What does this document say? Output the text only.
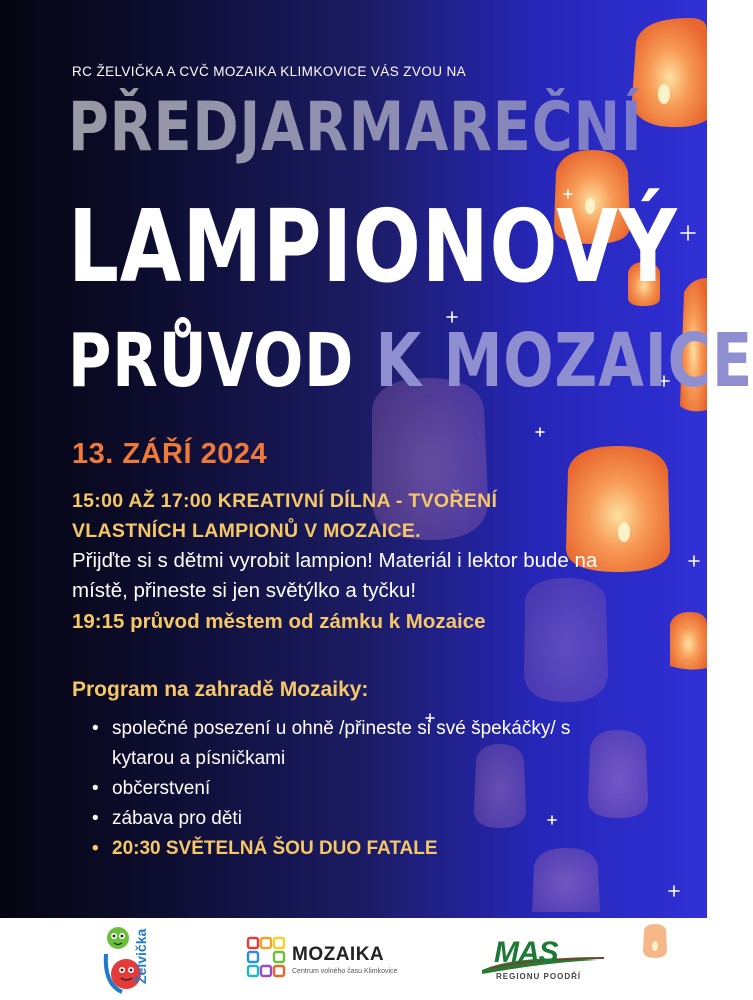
RC ŽELVIČKA A CVČ MOZAIKA KLIMKOVICE VÁS ZVOU NA
PŘEDJARMAREČNÍ
LAMPIONOVÝ
PRŮVOD K MOZAICE
13. ZÁŘÍ 2024
15:00 AŽ 17:00 KREATIVNÍ DÍLNA - TVOŘENÍ VLASTNÍCH LAMPIONŮ V MOZAICE.
Přijďte si s dětmi vyrobit lampion! Materiál i lektor bude na místě, přineste si jen světýlko a tyčku!
19:15 průvod městem od zámku k Mozaice
Program na zahradě Mozaiky:
• společné posezení u ohně /přineste si své špekáčky/ s kytarou a písničkami
• občerstvení
• zábava pro děti
• 20:30 SVĚTELNÁ ŠOU DUO FATALE
Želvička	MOZAIKA
Centrum volného času Klimkovice
MAS
REGIONU POODŘÍ
